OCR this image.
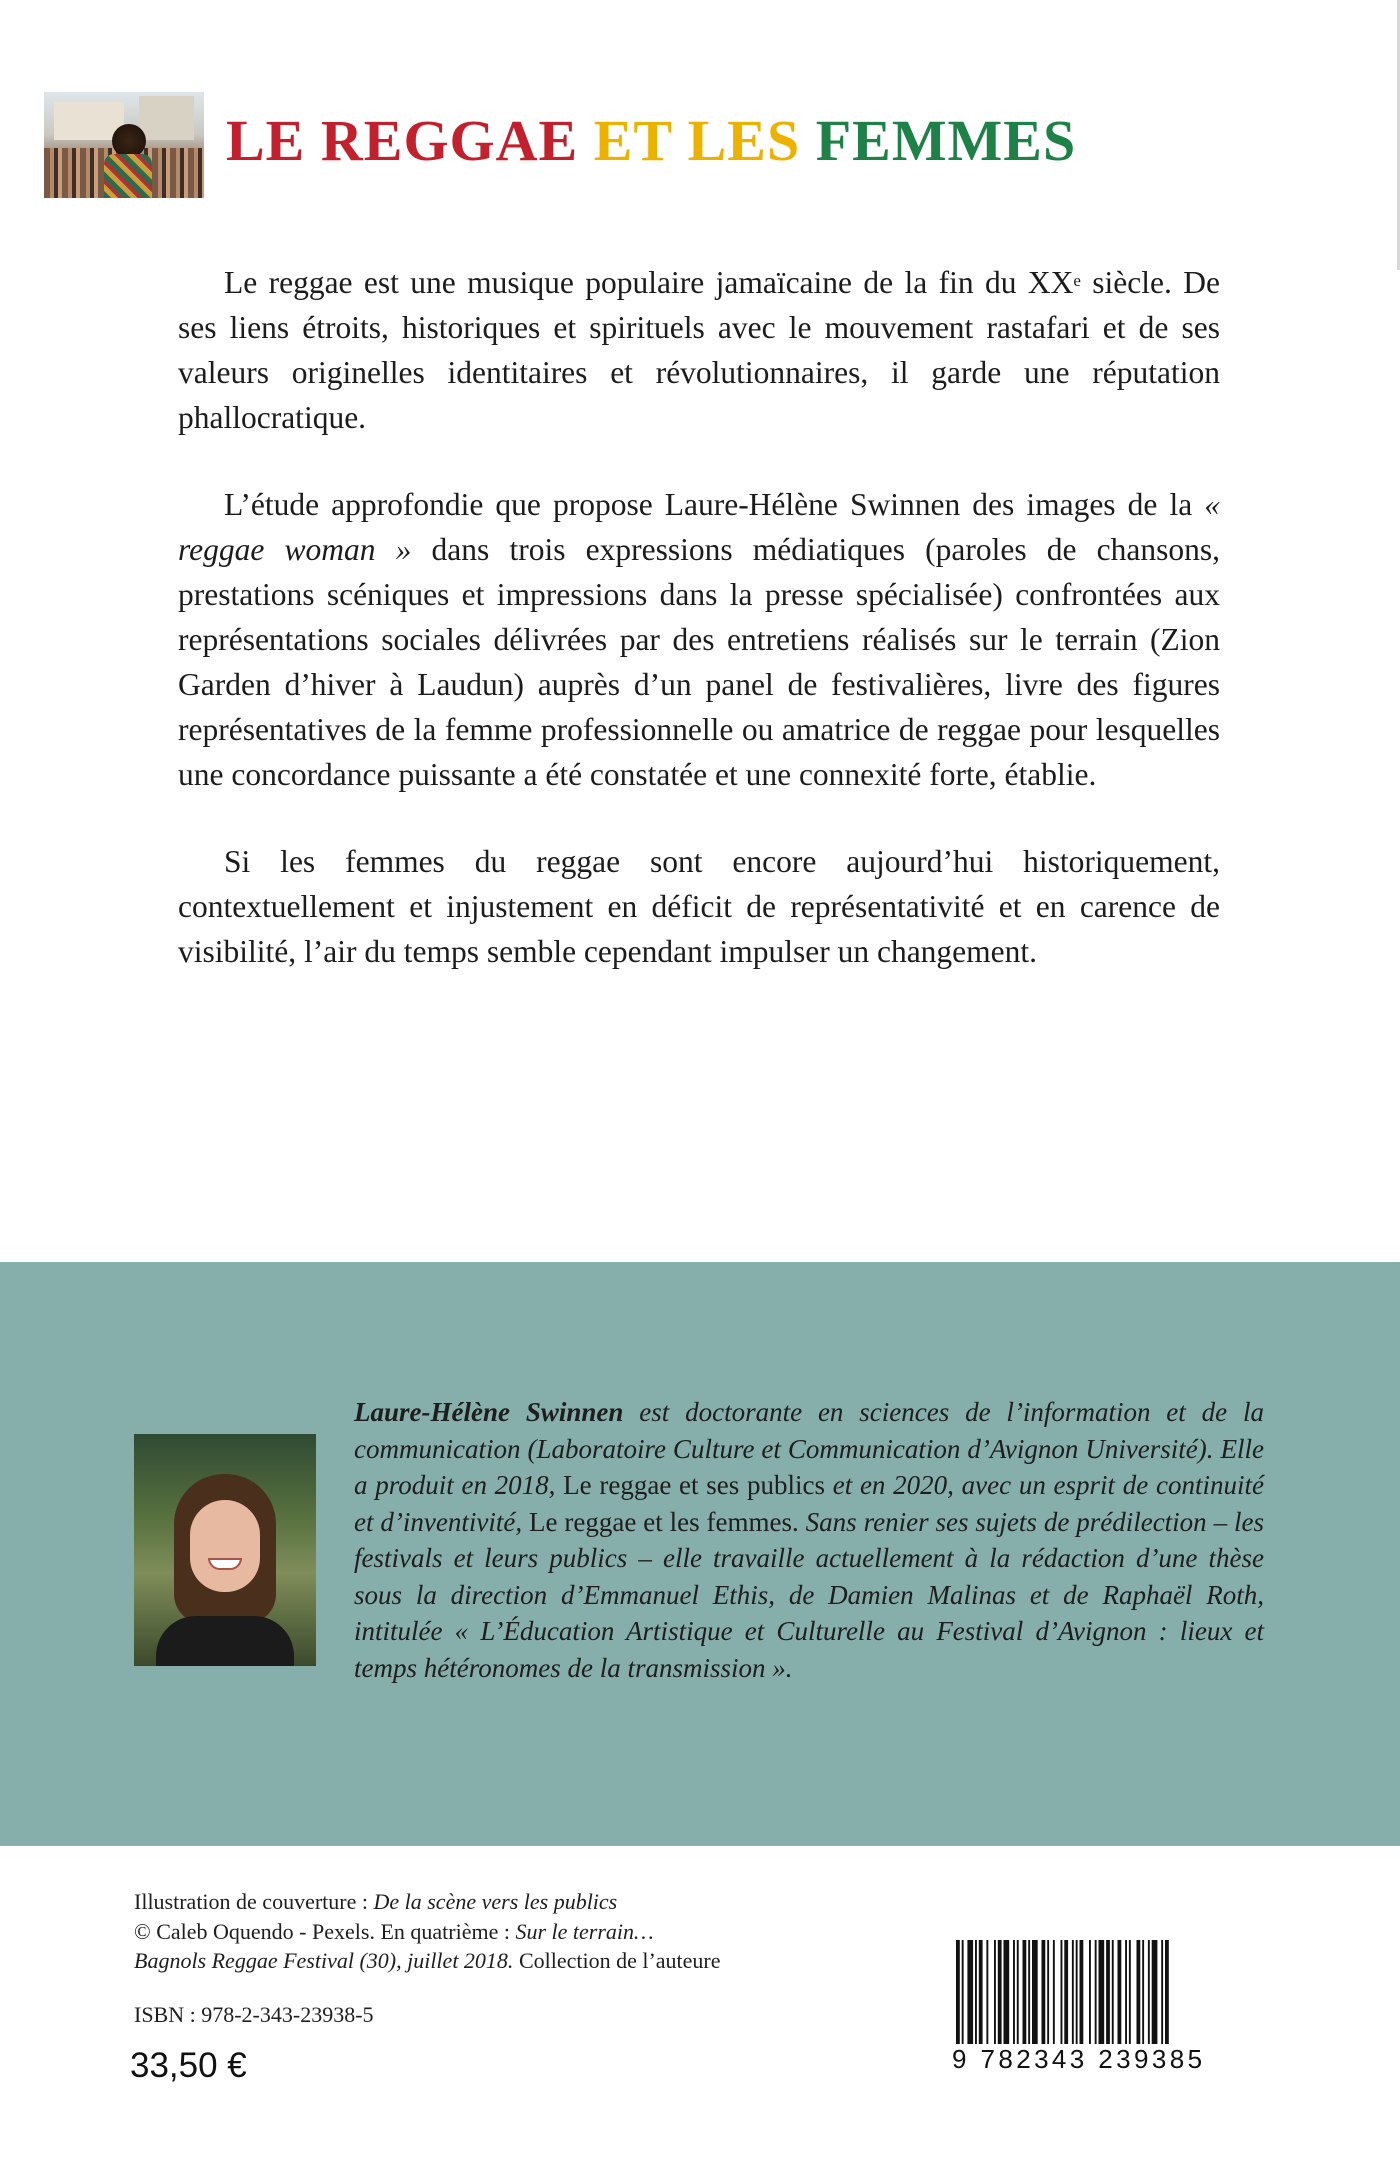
LE REGGAE ET LES FEMMES

Le reggae est une musique populaire jamaïcaine de la fin du XXe siècle. De ses liens étroits, historiques et spirituels avec le mouvement rastafari et de ses valeurs originelles identitaires et révolutionnaires, il garde une réputation phallocratique.

L’étude approfondie que propose Laure-Hélène Swinnen des images de la « reggae woman » dans trois expressions médiatiques (paroles de chansons, prestations scéniques et impressions dans la presse spécialisée) confrontées aux représentations sociales délivrées par des entretiens réalisés sur le terrain (Zion Garden d’hiver à Laudun) auprès d’un panel de festivalières, livre des figures représentatives de la femme professionnelle ou amatrice de reggae pour lesquelles une concordance puissante a été constatée et une connexité forte, établie.

Si les femmes du reggae sont encore aujourd’hui historiquement, contextuellement et injustement en déficit de représentativité et en carence de visibilité, l’air du temps semble cependant impulser un changement.

Laure-Hélène Swinnen est doctorante en sciences de l’information et de la communication (Laboratoire Culture et Communication d’Avignon Université). Elle a produit en 2018, Le reggae et ses publics et en 2020, avec un esprit de continuité et d’inventivité, Le reggae et les femmes. Sans renier ses sujets de prédilection – les festivals et leurs publics – elle travaille actuellement à la rédaction d’une thèse sous la direction d’Emmanuel Ethis, de Damien Malinas et de Raphaël Roth, intitulée « L’Éducation Artistique et Culturelle au Festival d’Avignon : lieux et temps hétéronomes de la transmission ».
Illustration de couverture : De la scène vers les publics
© Caleb Oquendo - Pexels. En quatrième : Sur le terrain…
Bagnols Reggae Festival (30), juillet 2018. Collection de l’auteure
ISBN : 978-2-343-23938-5
33,50 €	9 782343 239385
